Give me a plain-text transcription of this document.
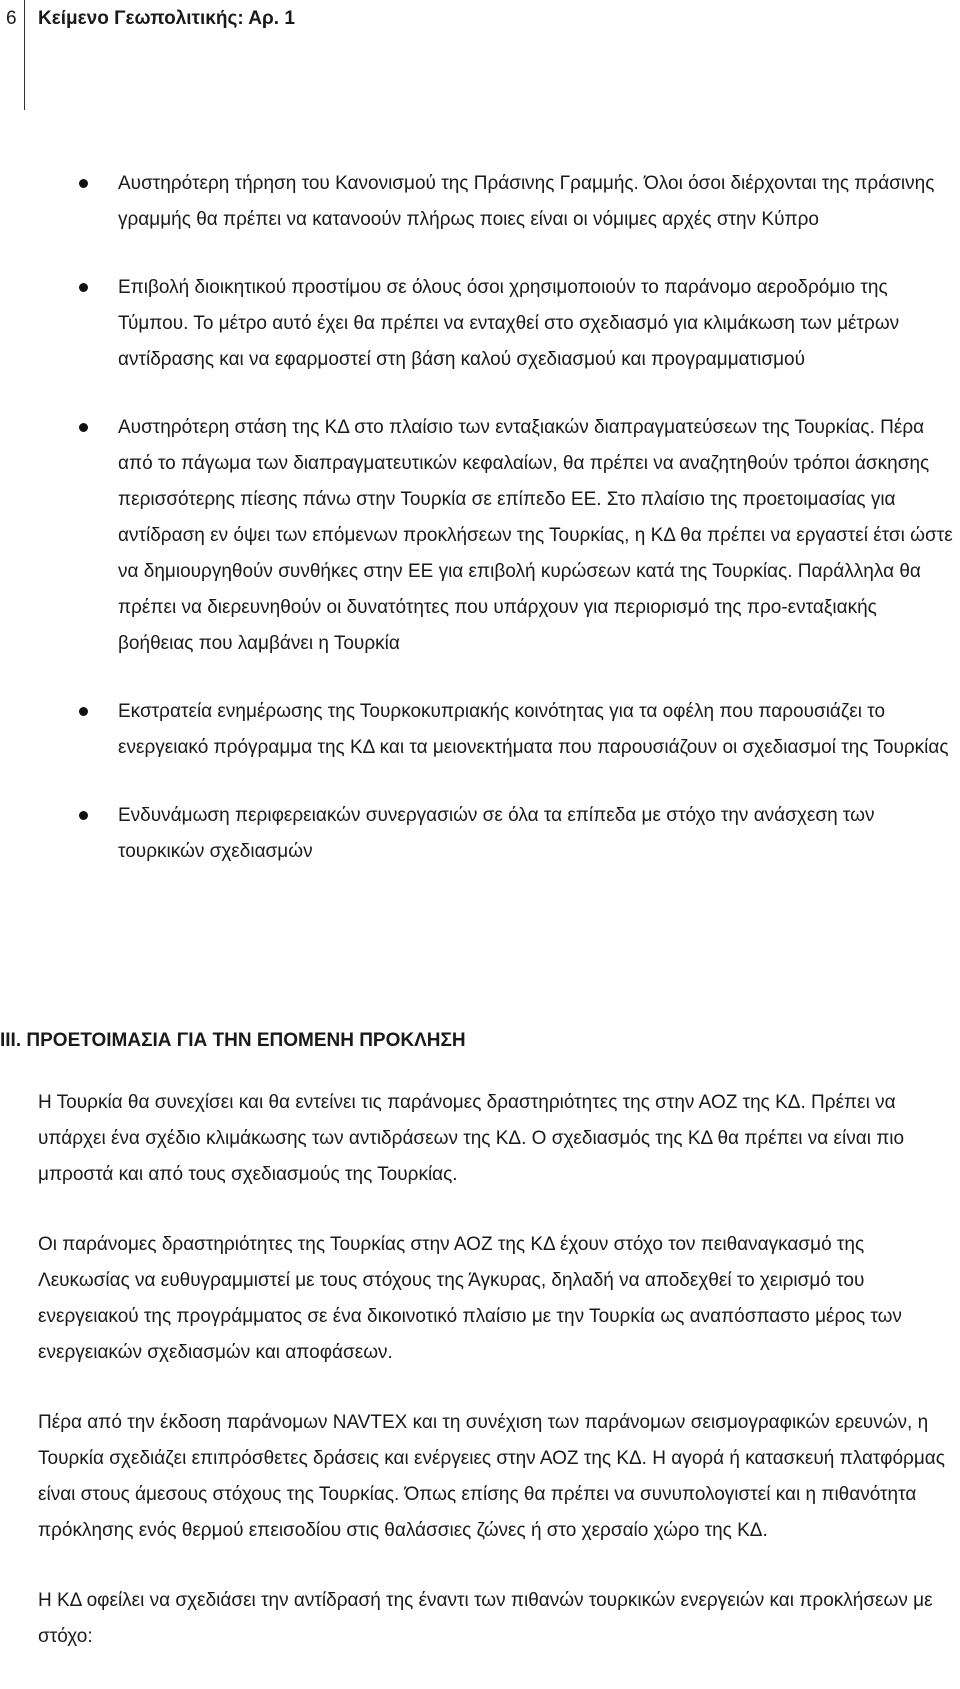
6 Κείμενο Γεωπολιτικής: Αρ. 1
Αυστηρότερη τήρηση του Κανονισμού της Πράσινης Γραμμής. Όλοι όσοι διέρχονται της πράσινης γραμμής θα πρέπει να κατανοούν πλήρως ποιες είναι οι νόμιμες αρχές στην Κύπρο
Επιβολή διοικητικού προστίμου σε όλους όσοι χρησιμοποιούν το παράνομο αεροδρόμιο της Τύμπου. Το μέτρο αυτό έχει θα πρέπει να ενταχθεί στο σχεδιασμό για κλιμάκωση των μέτρων αντίδρασης και να εφαρμοστεί στη βάση καλού σχεδιασμού και προγραμματισμού
Αυστηρότερη στάση της ΚΔ στο πλαίσιο των ενταξιακών διαπραγματεύσεων της Τουρκίας. Πέρα από το πάγωμα των διαπραγματευτικών κεφαλαίων, θα πρέπει να αναζητηθούν τρόποι άσκησης περισσότερης πίεσης πάνω στην Τουρκία σε επίπεδο ΕΕ. Στο πλαίσιο της προετοιμασίας για αντίδραση εν όψει των επόμενων προκλήσεων της Τουρκίας, η ΚΔ θα πρέπει να εργαστεί έτσι ώστε να δημιουργηθούν συνθήκες στην ΕΕ για επιβολή κυρώσεων κατά της Τουρκίας. Παράλληλα θα πρέπει να διερευνηθούν οι δυνατότητες που υπάρχουν για περιορισμό της προ-ενταξιακής βοήθειας που λαμβάνει η Τουρκία
Εκστρατεία ενημέρωσης της Τουρκοκυπριακής κοινότητας για τα οφέλη που παρουσιάζει το ενεργειακό πρόγραμμα της ΚΔ και τα μειονεκτήματα που παρουσιάζουν οι σχεδιασμοί της Τουρκίας
Ενδυνάμωση περιφερειακών συνεργασιών σε όλα τα επίπεδα με στόχο την ανάσχεση των τουρκικών σχεδιασμών
III. ΠΡΟΕΤΟΙΜΑΣΙΑ ΓΙΑ ΤΗΝ ΕΠΟΜΕΝΗ ΠΡΟΚΛΗΣΗ

Η Τουρκία θα συνεχίσει και θα εντείνει τις παράνομες δραστηριότητες της στην ΑΟΖ της ΚΔ. Πρέπει να υπάρχει ένα σχέδιο κλιμάκωσης των αντιδράσεων της ΚΔ. Ο σχεδιασμός της ΚΔ θα πρέπει να είναι πιο μπροστά και από τους σχεδιασμούς της Τουρκίας.

Οι παράνομες δραστηριότητες της Τουρκίας στην ΑΟΖ της ΚΔ έχουν στόχο τον πειθαναγκασμό της Λευκωσίας να ευθυγραμμιστεί με τους στόχους της Άγκυρας, δηλαδή να αποδεχθεί το χειρισμό του ενεργειακού της προγράμματος σε ένα δικοινοτικό πλαίσιο με την Τουρκία ως αναπόσπαστο μέρος των ενεργειακών σχεδιασμών και αποφάσεων.

Πέρα από την έκδοση παράνομων NAVTEX και τη συνέχιση των παράνομων σεισμογραφικών ερευνών, η Τουρκία σχεδιάζει επιπρόσθετες δράσεις και ενέργειες στην ΑΟΖ της ΚΔ. Η αγορά ή κατασκευή πλατφόρμας είναι στους άμεσους στόχους της Τουρκίας. Όπως επίσης θα πρέπει να συνυπολογιστεί και η πιθανότητα πρόκλησης ενός θερμού επεισοδίου στις θαλάσσιες ζώνες ή στο χερσαίο χώρο της ΚΔ.

Η ΚΔ οφείλει να σχεδιάσει την αντίδρασή της έναντι των πιθανών τουρκικών ενεργειών και προκλήσεων με στόχο:
